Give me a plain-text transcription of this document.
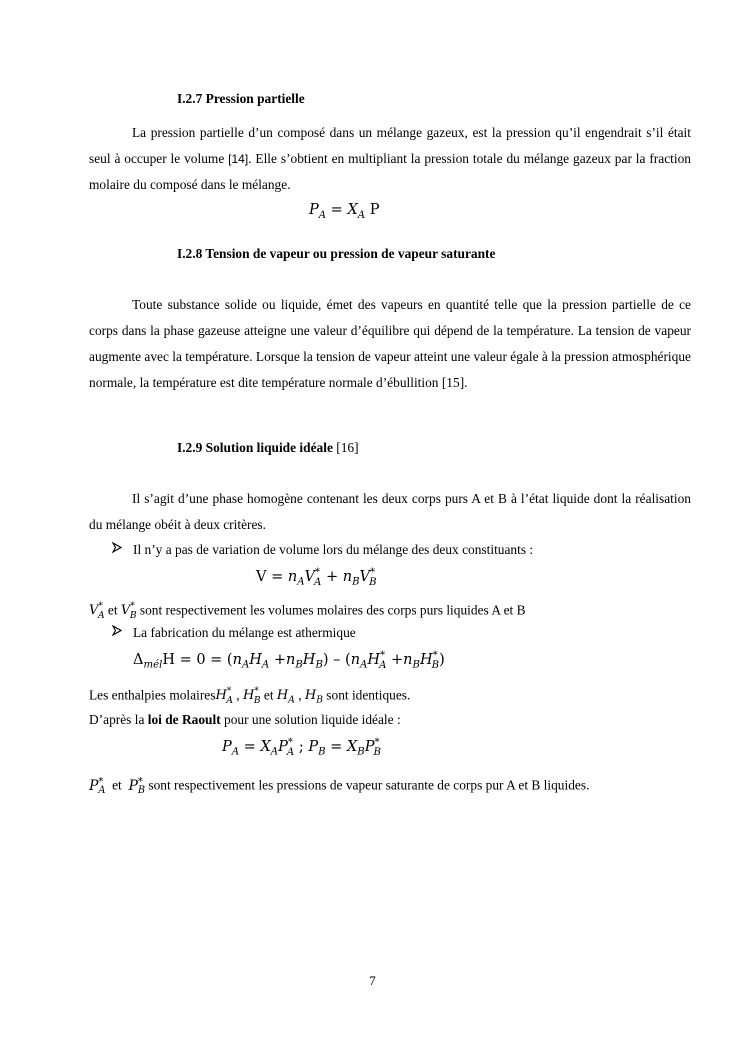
I.2.7 Pression partielle
La pression partielle d’un composé dans un mélange gazeux, est la pression qu’il engendrait s’il était seul à occuper le volume [14]. Elle s’obtient en multipliant la pression totale du mélange gazeux par la fraction molaire du composé dans le mélange.
$P_A = X_A$ P
I.2.8 Tension de vapeur ou pression de vapeur saturante
Toute substance solide ou liquide, émet des vapeurs en quantité telle que la pression partielle de ce corps dans la phase gazeuse atteigne une valeur d’équilibre qui dépend de la température. La tension de vapeur augmente avec la température. Lorsque la tension de vapeur atteint une valeur égale à la pression atmosphérique normale, la température est dite température normale d’ébullition [15].
I.2.9 Solution liquide idéale [16]
Il s’agit d’une phase homogène contenant les deux corps purs A et B à l’état liquide dont la réalisation du mélange obéit à deux critères.
Il n’y a pas de variation de volume lors du mélange des deux constituants :
$V = n_AV^*_A + n_BV^*_B$
$V^*_A$ et $V^*_B$ sont respectivement les volumes molaires des corps purs liquides A et B
La fabrication du mélange est athermique
$\Delta_{mél}H = 0 = (n_AH_A +n_BH_B) - (n_AH^*_A +n_BH^*_B)$
Les enthalpies molairesH*$_A$ , $H^*_B$ et $H_A$ , $H_B$ sont identiques.
D’après la loi de Raoult pour une solution liquide idéale :
$P_A = X_AP^*_A$ ; $P_B = X_BP^*_B$
$P^*_A$ et $P^*_B$ sont respectivement les pressions de vapeur saturante de corps pur A et B liquides.
7
